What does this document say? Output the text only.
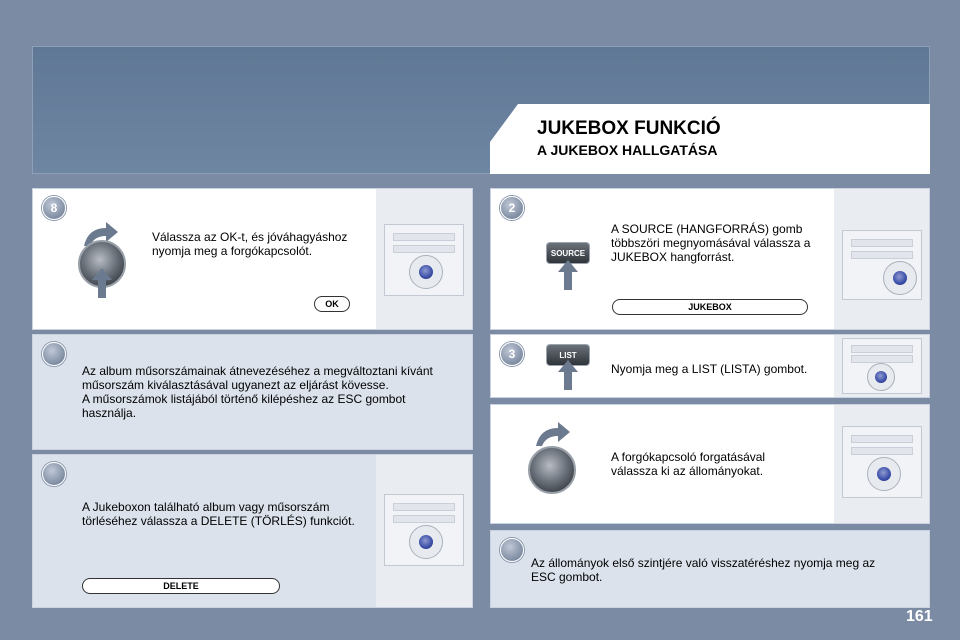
JUKEBOX FUNKCIÓ
A JUKEBOX HALLGATÁSA
8
Válassza az OK-t, és jóváhagyáshoz
nyomja meg a forgókapcsolót.
OK
Az album műsorszámainak átnevezéséhez a megváltoztani kívánt
műsorszám kiválasztásával ugyanezt az eljárást kövesse.
A műsorszámok listájából történő kilépéshez az ESC gombot
használja.
A Jukeboxon található album vagy műsorszám
törléséhez válassza a DELETE (TÖRLÉS) funkciót.
DELETE
2
SOURCE
A SOURCE (HANGFORRÁS) gomb
többszöri megnyomásával válassza a
JUKEBOX hangforrást.
JUKEBOX
3	LIST
Nyomja meg a LIST (LISTA) gombot.
A forgókapcsoló forgatásával
válassza ki az állományokat.
Az állományok első szintjére való visszatéréshez nyomja meg az
ESC gombot.
161
